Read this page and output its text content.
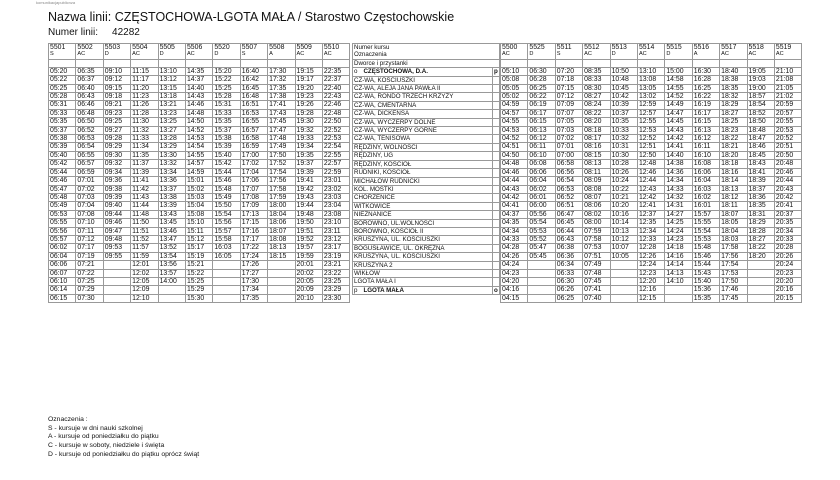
komunikacjapublicnza
Nazwa linii: CZĘSTOCHOWA-LGOTA MAŁA / Starostwo Częstochowskie
Numer linii: 42282
5501	5502	5503	5504	5505	5506	5520	5507	5508	5509	5510
S	AC	D	AC	D	AC	D	S	A	AC	AC

05:20	06:35	09:10	11:15	13:10	14:35	15:20	16:40	17:30	19:15	22:35
05:22	06:37	09:12	11:17	13:12	14:37	15:22	16:42	17:32	19:17	22:37
05:25	06:40	09:15	11:20	13:15	14:40	15:25	16:45	17:35	19:20	22:40
05:28	06:43	09:18	11:23	13:18	14:43	15:28	16:48	17:38	19:23	22:43
05:31	06:46	09:21	11:26	13:21	14:46	15:31	16:51	17:41	19:26	22:46
05:33	06:48	09:23	11:28	13:23	14:48	15:33	16:53	17:43	19:28	22:48
05:35	06:50	09:25	11:30	13:25	14:50	15:35	16:55	17:45	19:30	22:50
05:37	06:52	09:27	11:32	13:27	14:52	15:37	16:57	17:47	19:32	22:52
05:38	06:53	09:28	11:33	13:28	14:53	15:38	16:58	17:48	19:33	22:53
05:39	06:54	09:29	11:34	13:29	14:54	15:39	16:59	17:49	19:34	22:54
05:40	06:55	09:30	11:35	13:30	14:55	15:40	17:00	17:50	19:35	22:55
05:42	06:57	09:32	11:37	13:32	14:57	15:42	17:02	17:52	19:37	22:57
05:44	06:59	09:34	11:39	13:34	14:59	15:44	17:04	17:54	19:39	22:59
05:46	07:01	09:36	11:41	13:36	15:01	15:46	17:06	17:56	19:41	23:01
05:47	07:02	09:38	11:42	13:37	15:02	15:48	17:07	17:58	19:42	23:02
05:48	07:03	09:39	11:43	13:38	15:03	15:49	17:08	17:59	19:43	23:03
05:49	07:04	09:40	11:44	13:39	15:04	15:50	17:09	18:00	19:44	23:04
05:53	07:08	09:44	11:48	13:43	15:08	15:54	17:13	18:04	19:48	23:08
05:55	07:10	09:46	11:50	13:45	15:10	15:56	17:15	18:06	19:50	23:10
05:56	07:11	09:47	11:51	13:46	15:11	15:57	17:16	18:07	19:51	23:11
05:57	07:12	09:48	11:52	13:47	15:12	15:58	17:17	18:08	19:52	23:12
06:02	07:17	09:53	11:57	13:52	15:17	16:03	17:22	18:13	19:57	23:17
06:04	07:19	09:55	11:59	13:54	15:19	16:05	17:24	18:15	19:59	23:19
06:06	07:21		12:01	13:56	15:21		17:26		20:01	23:21
06:07	07:22		12:02	13:57	15:22		17:27		20:02	23:22
06:10	07:25		12:05	14:00	15:25		17:30		20:05	23:25
06:14	07:29		12:09		15:29		17:34		20:09	23:29
06:15	07:30		12:10		15:30		17:35		20:10	23:30
Numer kursu	
Oznaczenia	
Dworce i przystanki	
o CZĘSTOCHOWA, D.A.	p
CZ-WA, KOŚCIUSZKI	
CZ-WA, ALEJA JANA PAWŁA II	
CZ-WA, RONDO TRZECH KRZYŻY	
CZ-WA, CMENTARNA	
CZ-WA, DICKENSA	
CZ-WA, WYCZERPY DOLNE	
CZ-WA, WYCZERPY GÓRNE	
CZ-WA, TENISOWA	
RĘDZINY, WOLNOŚCI	
RĘDZINY, UG	
RĘDZINY, KOŚCIÓŁ	
RUDNIKI, KOŚCIÓŁ	
MICHAŁÓW RUDNICKI	
KOL. MOSTKI	
CHORZENICE	
WITKOWICE	
NIEZNANICE	
BOROWNO, UL.WOLNOŚCI	
BOROWNO, KOŚCIÓŁ II	
KRUSZYNA, UL. KOŚCIUSZKI	
BOGUSŁAWICE, UL. OKRĘŻNA	
KRUSZYNA, UL. KOŚCIUSZKI	
KRUSZYNA 2	
WIKŁÓW	
LGOTA MAŁA I	
p LGOTA MAŁA	o
5500	5525	5511	5512	5513	5514	5515	5516	5517	5518	5519
AC	D	S	AC	D	AC	D	A	AC	AC	AC

05:10	06:30	07:20	08:35	10:50	13:10	15:00	16:30	18:40	19:05	21:10
05:08	06:28	07:18	08:33	10:48	13:08	14:58	16:28	18:38	19:03	21:08
05:05	06:25	07:15	08:30	10:45	13:05	14:55	16:25	18:35	19:00	21:05
05:02	06:22	07:12	08:27	10:42	13:02	14:52	16:22	18:32	18:57	21:02
04:59	06:19	07:09	08:24	10:39	12:59	14:49	16:19	18:29	18:54	20:59
04:57	06:17	07:07	08:22	10:37	12:57	14:47	16:17	18:27	18:52	20:57
04:55	06:15	07:05	08:20	10:35	12:55	14:45	16:15	18:25	18:50	20:55
04:53	06:13	07:03	08:18	10:33	12:53	14:43	16:13	18:23	18:48	20:53
04:52	06:12	07:02	08:17	10:32	12:52	14:42	16:12	18:22	18:47	20:52
04:51	06:11	07:01	08:16	10:31	12:51	14:41	16:11	18:21	18:46	20:51
04:50	06:10	07:00	08:15	10:30	12:50	14:40	16:10	18:20	18:45	20:50
04:48	06:08	06:58	08:13	10:28	12:48	14:38	16:08	18:18	18:43	20:48
04:46	06:06	06:56	08:11	10:26	12:46	14:36	16:06	18:16	18:41	20:46
04:44	06:04	06:54	08:09	10:24	12:44	14:34	16:04	18:14	18:39	20:44
04:43	06:02	06:53	08:08	10:22	12:43	14:33	16:03	18:13	18:37	20:43
04:42	06:01	06:52	08:07	10:21	12:42	14:32	16:02	18:12	18:36	20:42
04:41	06:00	06:51	08:06	10:20	12:41	14:31	16:01	18:11	18:35	20:41
04:37	05:56	06:47	08:02	10:16	12:37	14:27	15:57	18:07	18:31	20:37
04:35	05:54	06:45	08:00	10:14	12:35	14:25	15:55	18:05	18:29	20:35
04:34	05:53	06:44	07:59	10:13	12:34	14:24	15:54	18:04	18:28	20:34
04:33	05:52	06:43	07:58	10:12	12:33	14:23	15:53	18:03	18:27	20:33
04:28	05:47	06:38	07:53	10:07	12:28	14:18	15:48	17:58	18:22	20:28
04:26	05:45	06:36	07:51	10:05	12:26	14:16	15:46	17:56	18:20	20:26
04:24		06:34	07:49		12:24	14:14	15:44	17:54		20:24
04:23		06:33	07:48		12:23	14:13	15:43	17:53		20:23
04:20		06:30	07:45		12:20	14:10	15:40	17:50		20:20
04:16		06:26	07:41		12:16		15:36	17:46		20:16
04:15		06:25	07:40		12:15		15:35	17:45		20:15
Oznaczenia :
S - kursuje w dni nauki szkolnej
A - kursuje od poniedziałku do piątku
C - kursuje w soboty, niedziele i święta
D - kursuje od poniedziałku do piątku oprócz świąt
